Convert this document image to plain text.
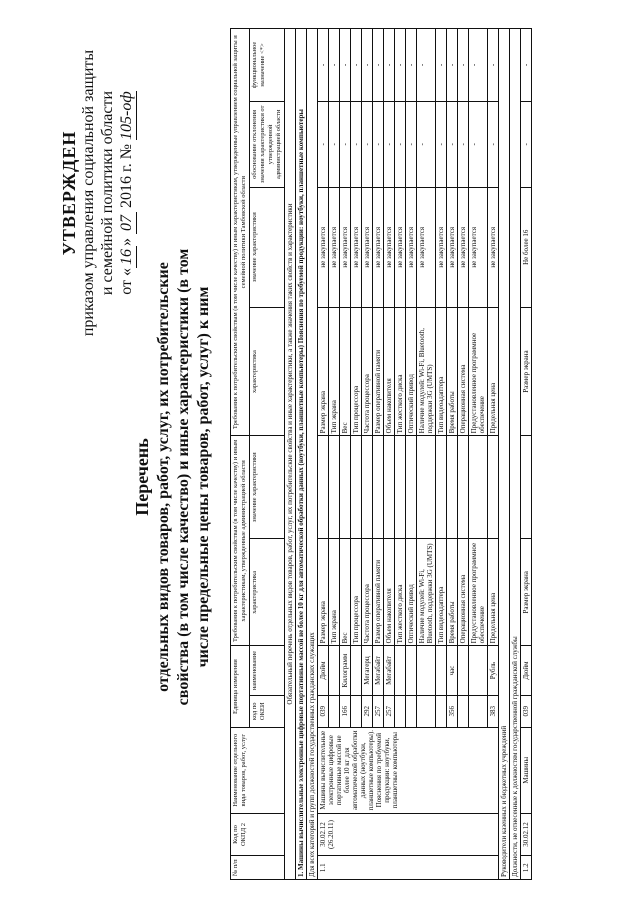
УТВЕРЖДЕН приказом управления социальной защиты и семейной политики области от «16» 07 2016 г. № 105-оф
Перечень отдельных видов товаров, работ, услуг, их потребительские свойства (в том числе качество) и иные характеристики (в том числе предельные цены товаров, работ, услуг) к ним
№ п/п	Код по ОКПД 2	Наименование отдельного вида товаров, работ, услуг	Единица измерения		Требования к потребительским свойствам (в том числе качеству) и иным характеристикам, утвержденные администрацией области		Требования к потребительским свойствам (в том числе качеству) и иным характеристикам, утвержденные управлением социальной защиты и семейной политики Тамбовской области			
			код по ОКЕИ	наименование	характеристика	значение характеристики	характеристика	значение характеристики	обоснование отклонения значения характеристики от утвержденной администрацией области	функциональное назначение <*>
Обязательный перечень отдельных видов товаров, работ, услуг, их потребительские свойства и иные характеристики, а также значения таких свойств и характеристики										
1. Машины вычислительные электронные цифровые портативные массой не более 10 кг для автоматической обработки данных (ноутбуки, планшетные компьютеры) Пояснения по требуемой продукции: ноутбуки, планшетные компьютеры										
Для всех категорий и групп должностей государственных гражданских служащих										
1.1	30.02.12 (26.20.11)	Машины вычислительные электронные цифровые портативные массой не более 10 кг для автоматической обработки данных (ноутбуки, планшетные компьютеры). Пояснения по требуемой продукции: ноутбуки, планшетные компьютеры	039	Дюйм	Размер экрана		Размер экрана	не закупается	-	-
					Тип экрана		Тип экрана	не закупается	-	-
			166	Килограмм	Вес		Вес	не закупается	-	-
					Тип процессора		Тип процессора	не закупается	-	-
			292	Мегагерц	Частота процессора		Частота процессора	не закупается	-	-
			257	Мегабайт	Размер оперативной памяти		Размер оперативной памяти	не закупается	-	-
			257	Мегабайт	Объем накопителя		Объем накопителя	не закупается	-	-
					Тип жесткого диска		Тип жесткого диска	не закупается	-	-
					Оптический привод		Оптический привод	не закупается	-	-
					Наличие модулей: Wi-Fi, Bluetooth, поддержки 3G (UMTS)		Наличие модулей: Wi-Fi, Bluetooth, поддержки 3G (UMTS)	не закупается	-	-
					Тип видеоадаптера		Тип видеоадаптера	не закупается	-	-
			356	час	Время работы		Время работы	не закупается	-	-
					Операционная система		Операционная система	не закупается	-	-
					Предустановленное программное обеспечение		Предустановленное программное обеспечение	не закупается	-	-
			383	Рубль	Предельная цена		Предельная цена	не закупается	-	-
Руководители казенных и бюджетных учреждений										
Должности, не отнесенные к должностям государственной гражданской службы										
1.2	30.02.12	Машины	039	Дюйм	Размер экрана		Размер экрана	Не более 16	-	-
